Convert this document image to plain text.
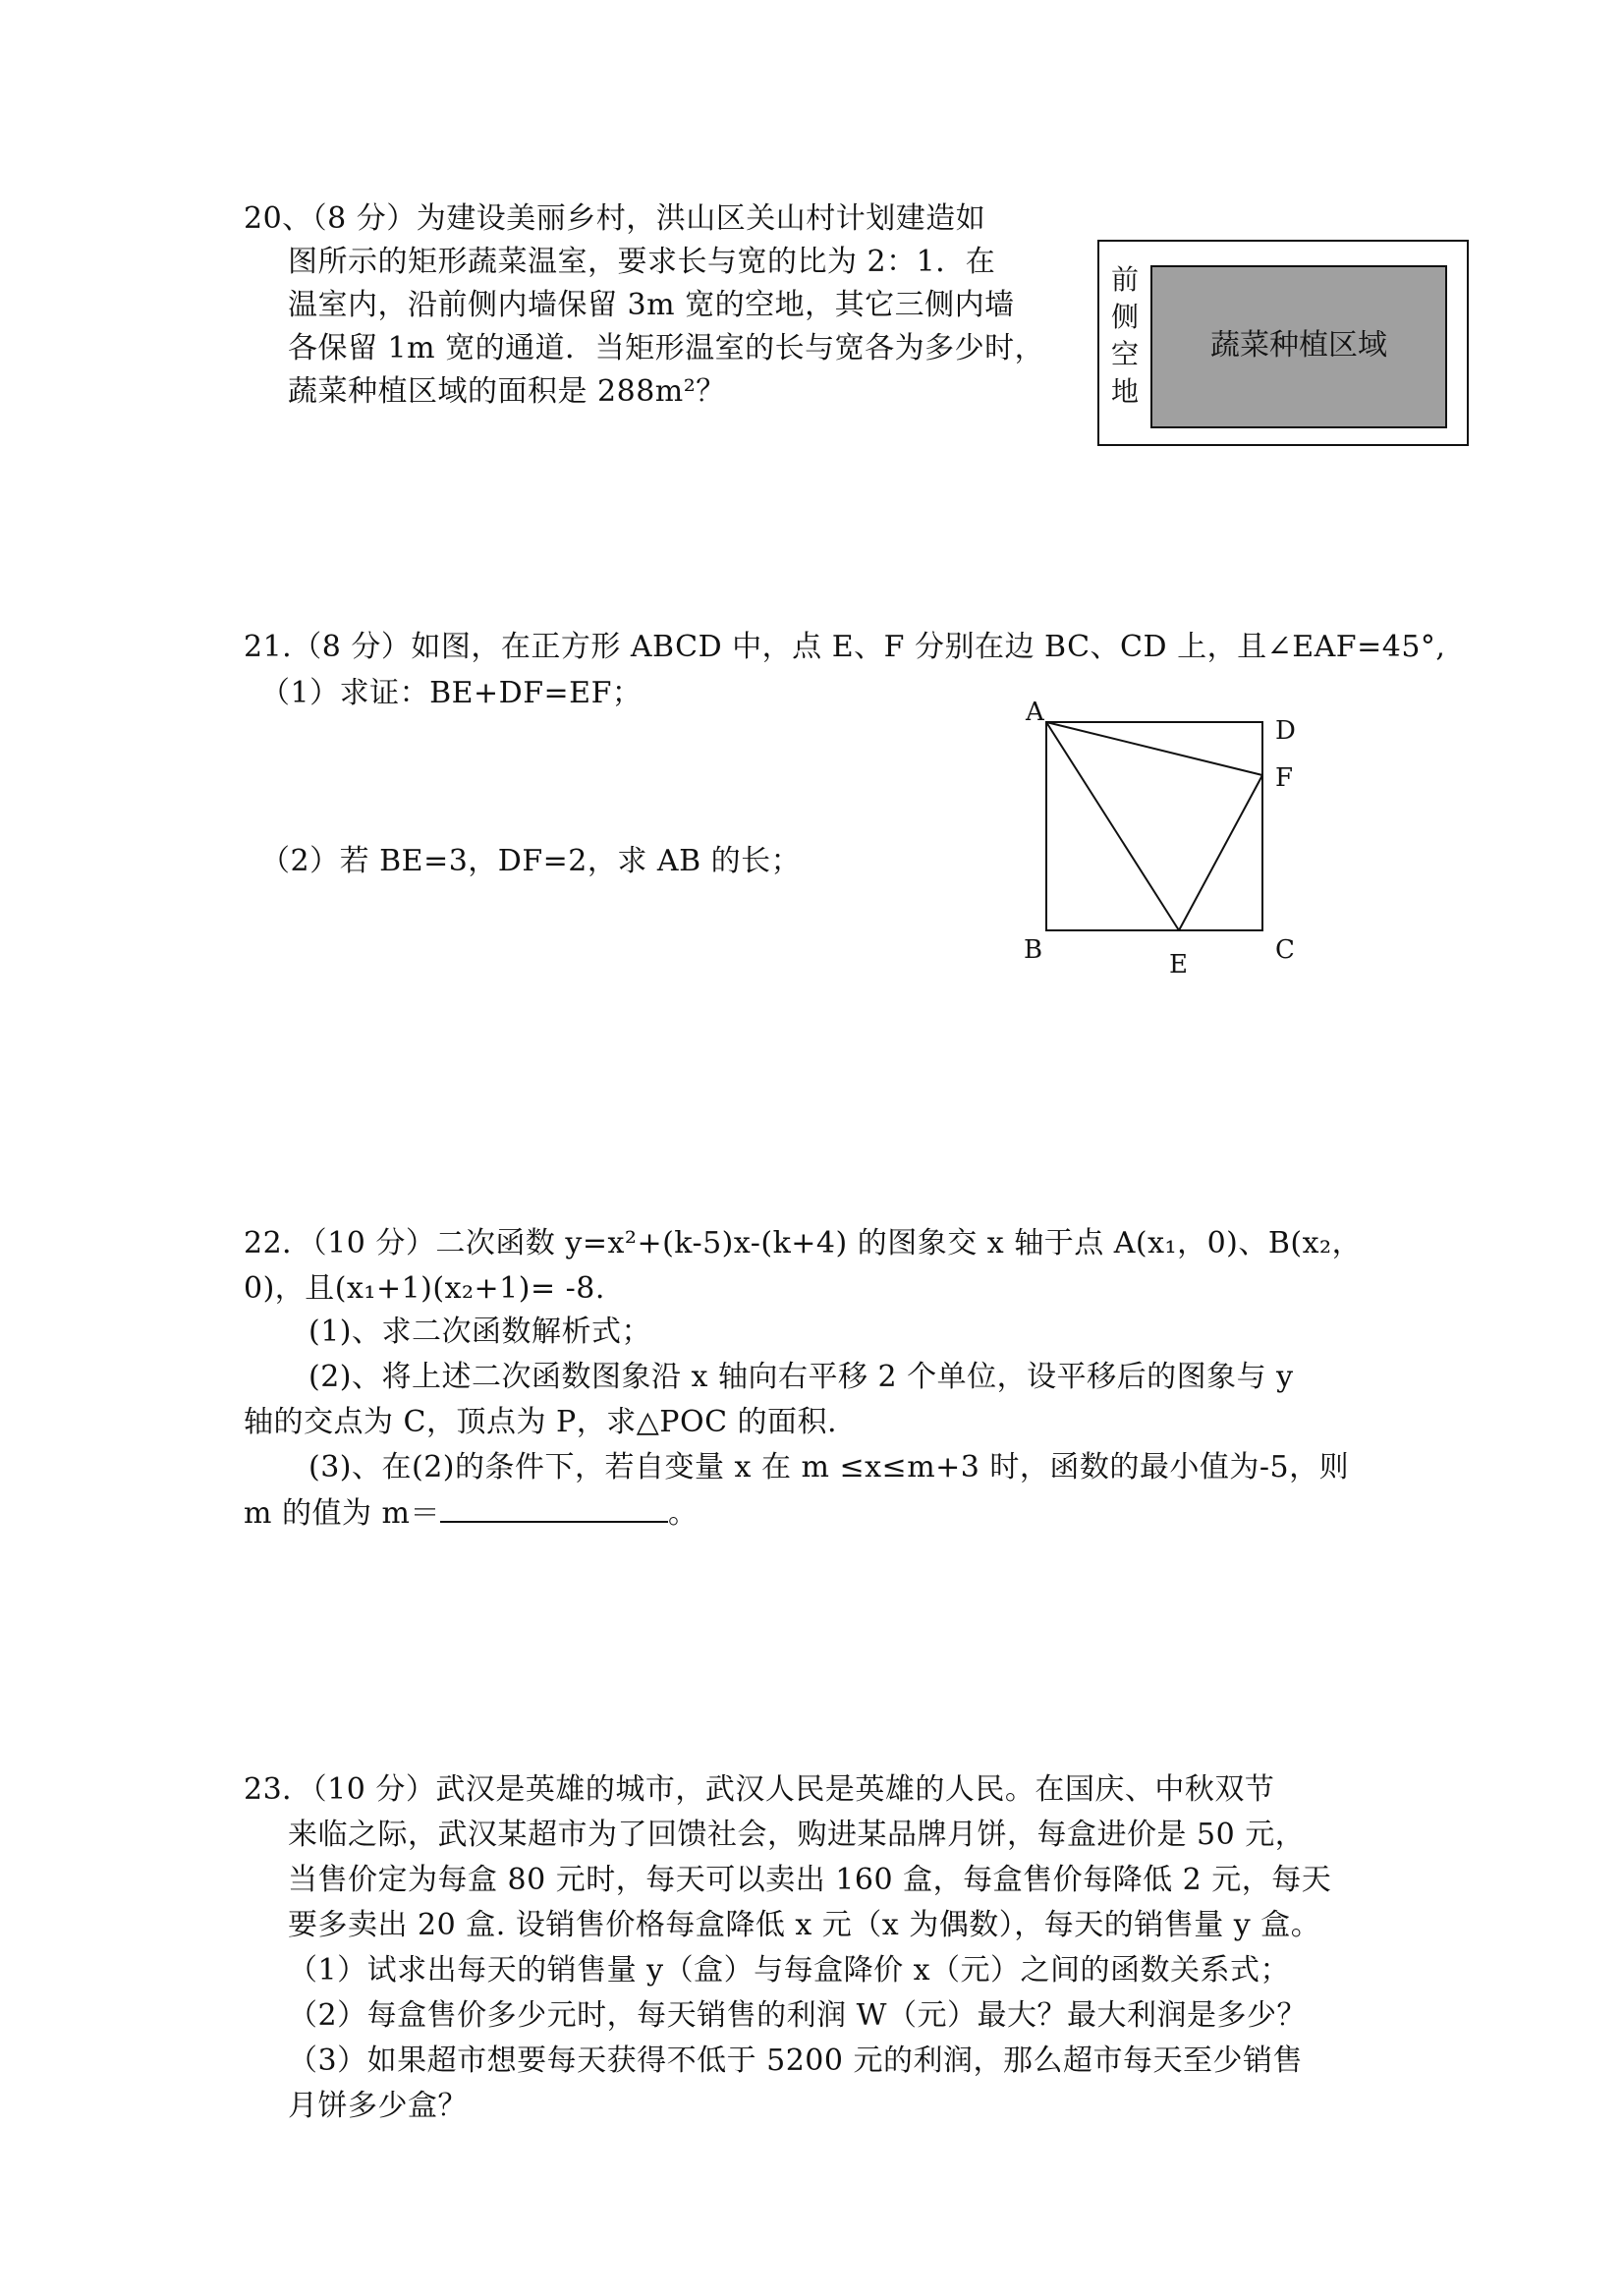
20、（8 分）为建设美丽乡村，洪山区关山村计划建造如
图所示的矩形蔬菜温室，要求长与宽的比为 2：1．在
温室内，沿前侧内墙保留 3m 宽的空地，其它三侧内墙
各保留 1m 宽的通道．当矩形温室的长与宽各为多少时，
蔬菜种植区域的面积是 288m²？
前
侧
空
地
蔬菜种植区域
21.（8 分）如图，在正方形 ABCD 中，点 E、F 分别在边 BC、CD 上，且∠EAF=45°,
（1）求证：BE+DF=EF；
（2）若 BE=3，DF=2，求 AB 的长；
A
D
F
B	C
E
22．（10 分）二次函数 y=x²+(k-5)x-(k+4) 的图象交 x 轴于点 A(x₁，0)、B(x₂，
0)，且(x₁+1)(x₂+1)= -8.
(1)、求二次函数解析式；
(2)、将上述二次函数图象沿 x 轴向右平移 2 个单位，设平移后的图象与 y
轴的交点为 C，顶点为 P，求△POC 的面积.
(3)、在(2)的条件下，若自变量 x 在 m ≤x≤m+3 时，函数的最小值为-5，则
m 的值为 m＝	。
23．（10 分）武汉是英雄的城市，武汉人民是英雄的人民。在国庆、中秋双节
来临之际，武汉某超市为了回馈社会，购进某品牌月饼，每盒进价是 50 元，
当售价定为每盒 80 元时，每天可以卖出 160 盒，每盒售价每降低 2 元，每天
要多卖出 20 盒. 设销售价格每盒降低 x 元（x 为偶数），每天的销售量 y 盒。
（1）试求出每天的销售量 y（盒）与每盒降价 x（元）之间的函数关系式；
（2）每盒售价多少元时，每天销售的利润 W（元）最大？最大利润是多少？
（3）如果超市想要每天获得不低于 5200 元的利润，那么超市每天至少销售
月饼多少盒？
